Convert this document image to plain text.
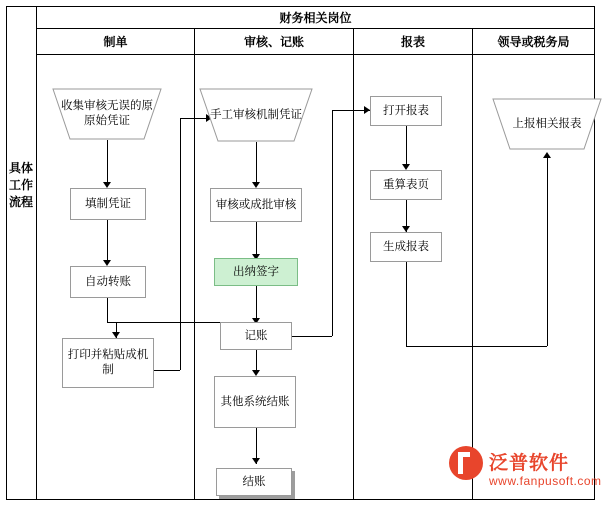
财务相关岗位
制单	审核、记账	报表	领导或税务局
具体工作流程
收集审核无误的原原始凭证
填制凭证
自动转账
打印并粘贴成机制
手工审核机制凭证
审核或成批审核
出纳签字
记账
其他系统结账
结账
打开报表
重算表页
生成报表
上报相关报表
泛普软件
www.fanpusoft.com
